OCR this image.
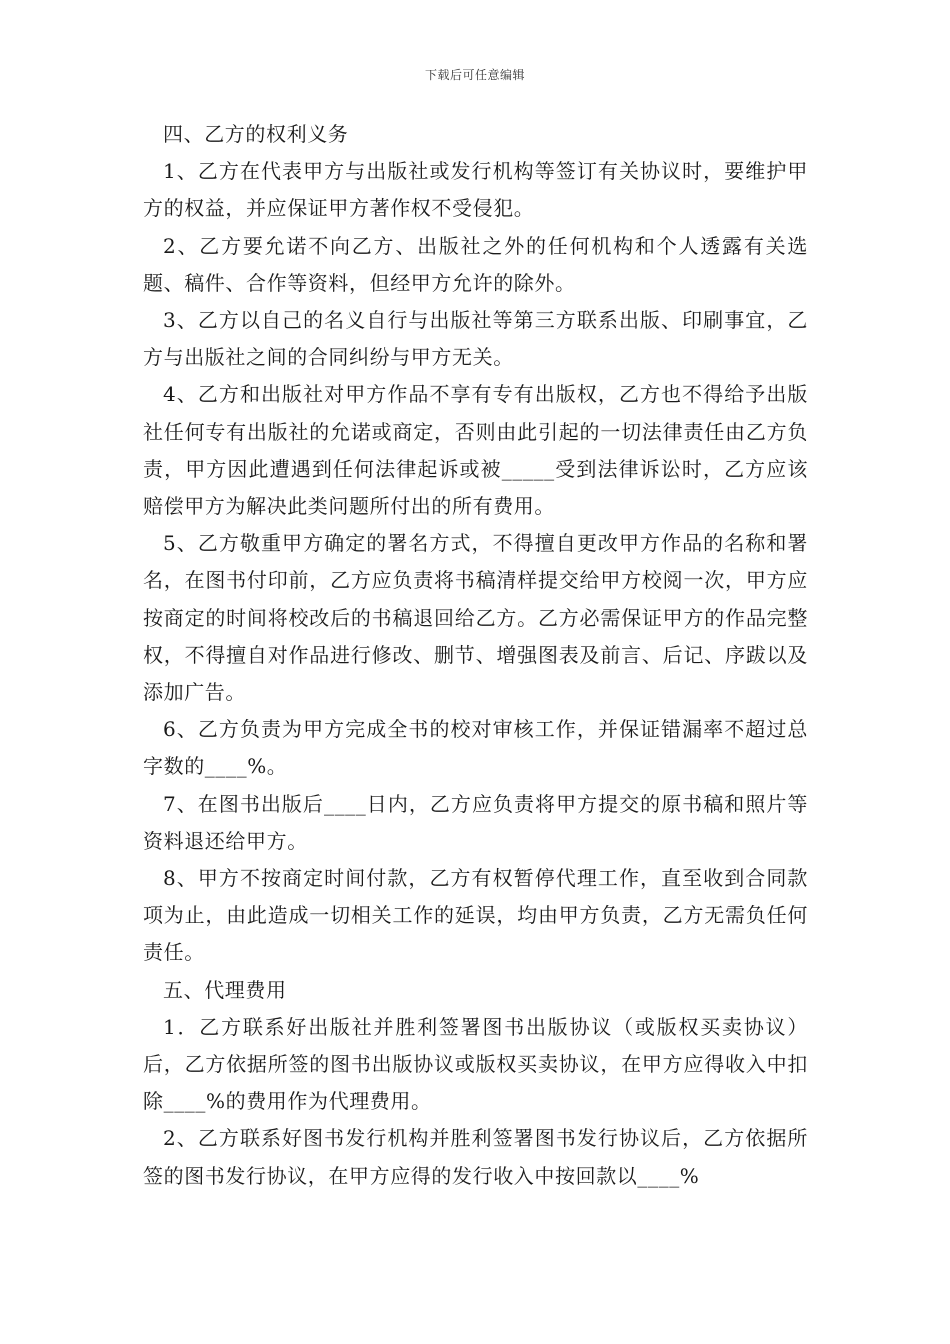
下载后可任意编辑

四、乙方的权利义务

1、乙方在代表甲方与出版社或发行机构等签订有关协议时，要维护甲方的权益，并应保证甲方著作权不受侵犯。

2、乙方要允诺不向乙方、出版社之外的任何机构和个人透露有关选题、稿件、合作等资料，但经甲方允许的除外。

3、乙方以自己的名义自行与出版社等第三方联系出版、印刷事宜，乙方与出版社之间的合同纠纷与甲方无关。

4、乙方和出版社对甲方作品不享有专有出版权，乙方也不得给予出版社任何专有出版社的允诺或商定，否则由此引起的一切法律责任由乙方负责，甲方因此遭遇到任何法律起诉或被_____受到法律诉讼时，乙方应该赔偿甲方为解决此类问题所付出的所有费用。

5、乙方敬重甲方确定的署名方式，不得擅自更改甲方作品的名称和署名，在图书付印前，乙方应负责将书稿清样提交给甲方校阅一次，甲方应按商定的时间将校改后的书稿退回给乙方。乙方必需保证甲方的作品完整权，不得擅自对作品进行修改、删节、增强图表及前言、后记、序跋以及添加广告。

6、乙方负责为甲方完成全书的校对审核工作，并保证错漏率不超过总字数的____%。

7、在图书出版后____日内，乙方应负责将甲方提交的原书稿和照片等资料退还给甲方。

8、甲方不按商定时间付款，乙方有权暂停代理工作，直至收到合同款项为止，由此造成一切相关工作的延误，均由甲方负责，乙方无需负任何责任。

五、代理费用

1．乙方联系好出版社并胜利签署图书出版协议（或版权买卖协议）后，乙方依据所签的图书出版协议或版权买卖协议，在甲方应得收入中扣除____%的费用作为代理费用。

2、乙方联系好图书发行机构并胜利签署图书发行协议后，乙方依据所签的图书发行协议，在甲方应得的发行收入中按回款以____%
